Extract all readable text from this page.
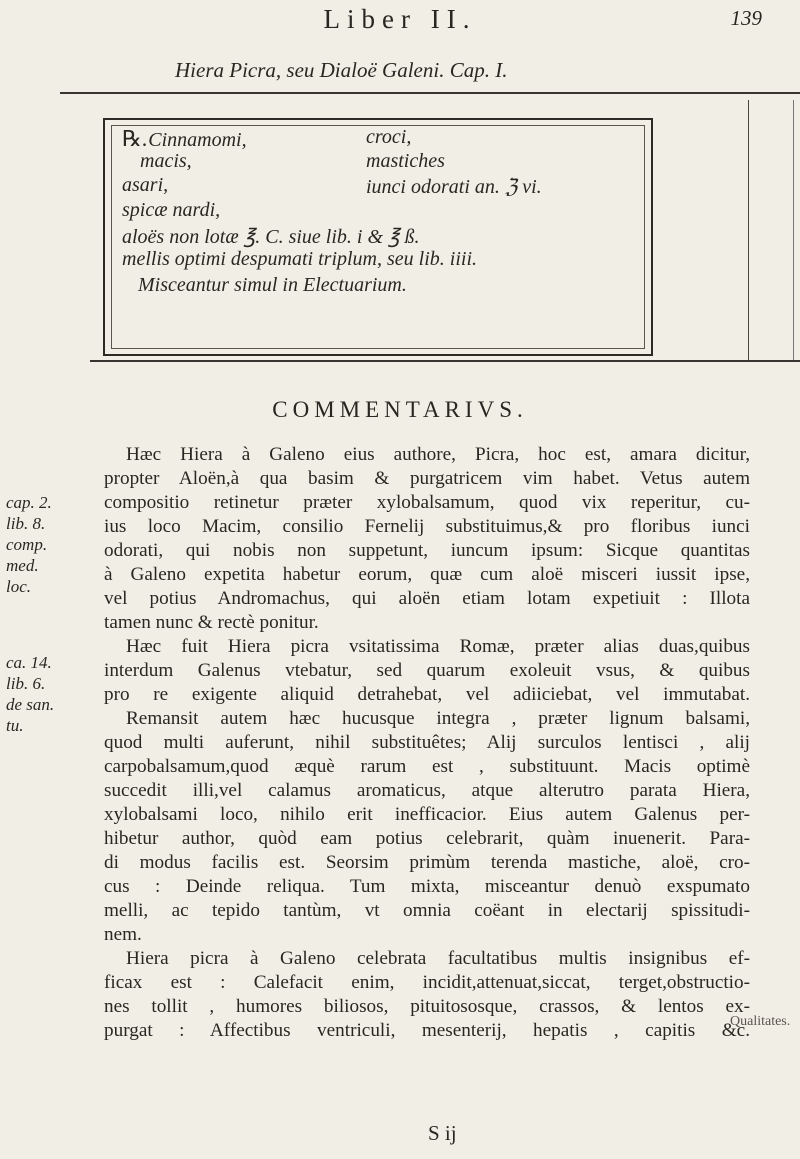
Liber II.	139
Hiera Picra, seu Dialoë Galeni. Cap. I.
℞.Cinnamomi,	croci,
macis,	mastiches
asari,	iunci odorati an. ℨ vi.
spicæ nardi,
aloës non lotæ ℥. C. siue lib. i & ℥ ß.
mellis optimi despumati triplum, seu lib. iiii.
Misceantur simul in Electuarium.
COMMENTARIVS.
Hæc Hiera à Galeno eius authore, Picra, hoc est, amara dicitur,
propter Aloën,à qua basim & purgatricem vim habet. Vetus autem
compositio retinetur præter xylobalsamum, quod vix reperitur, cu-
ius loco Macim, consilio Fernelij substituimus,& pro floribus iunci
odorati, qui nobis non suppetunt, iuncum ipsum: Sicque quantitas
à Galeno expetita habetur eorum, quæ cum aloë misceri iussit ipse,
vel potius Andromachus, qui aloën etiam lotam expetiuit : Illota
tamen nunc & rectè ponitur.
Hæc fuit Hiera picra vsitatissima Romæ, præter alias duas,quibus
interdum Galenus vtebatur, sed quarum exoleuit vsus, & quibus
pro re exigente aliquid detrahebat, vel adiiciebat, vel immutabat.
Remansit autem hæc hucusque integra , præter lignum balsami,
quod multi auferunt, nihil substituêtes; Alij surculos lentisci , alij
carpobalsamum,quod æquè rarum est , substituunt. Macis optimè
succedit illi,vel calamus aromaticus, atque alterutro parata Hiera,
xylobalsami loco, nihilo erit inefficacior. Eius autem Galenus per-
hibetur author, quòd eam potius celebrarit, quàm inuenerit. Para-
di modus facilis est. Seorsim primùm terenda mastiche, aloë, cro-
cus : Deinde reliqua. Tum mixta, misceantur denuò exspumato
melli, ac tepido tantùm, vt omnia coëant in electarij spissitudi-
nem.
Hiera picra à Galeno celebrata facultatibus multis insignibus ef-
ficax est : Calefacit enim, incidit,attenuat,siccat, terget,obstructio-
nes tollit , humores biliosos, pituitososque, crassos, & lentos ex-
purgat : Affectibus ventriculi, mesenterij, hepatis , capitis &c.
cap. 2.
lib. 8.
comp.
med.
loc.
ca. 14.
lib. 6.
de san.
tu.
Qualitates.
S ij
